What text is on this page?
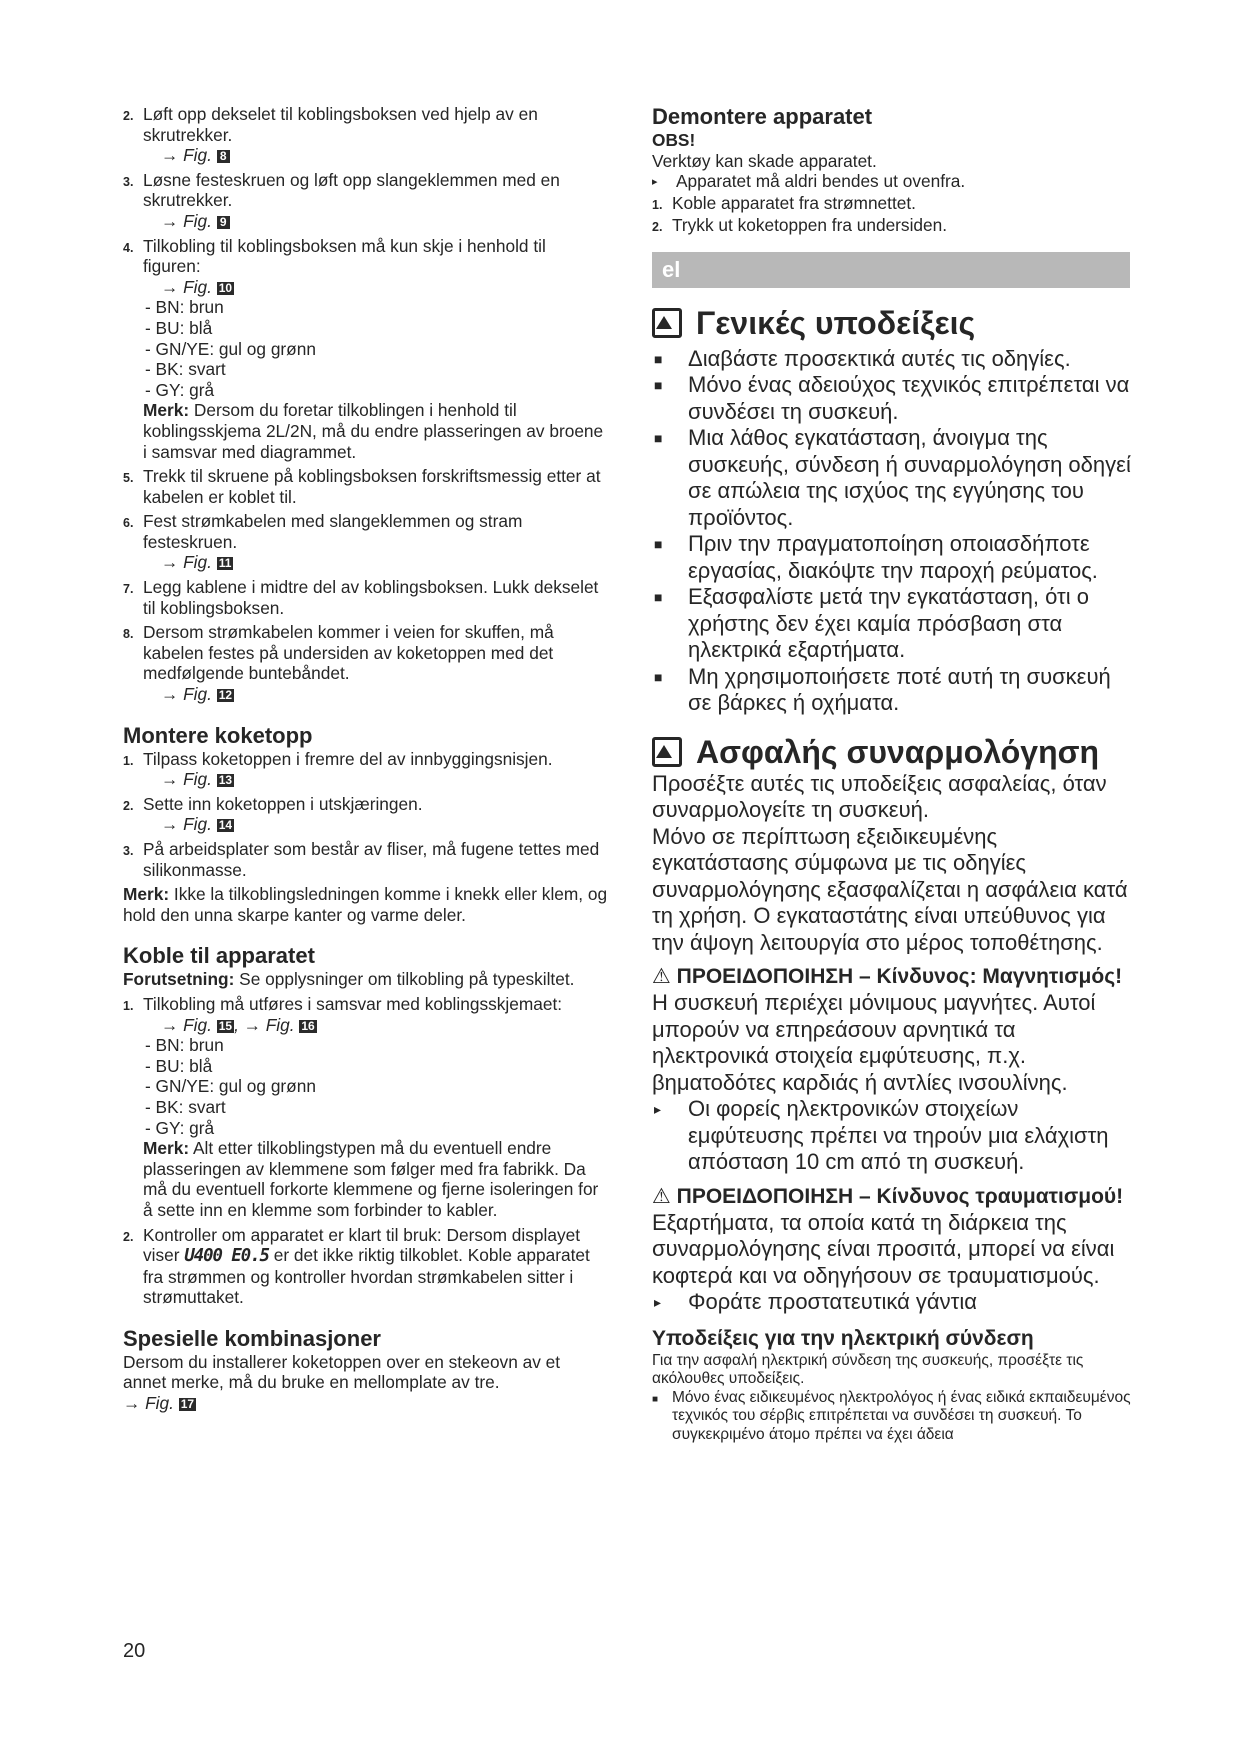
2. Løft opp dekselet til koblingsboksen ved hjelp av en skrutrekker.
→ Fig. 8
3. Løsne festeskruen og løft opp slangeklemmen med en skrutrekker.
→ Fig. 9
4. Tilkobling til koblingsboksen må kun skje i henhold til figuren:
→ Fig. 10
- BN: brun
- BU: blå
- GN/YE: gul og grønn
- BK: svart
- GY: grå
Merk: Dersom du foretar tilkoblingen i henhold til koblingsskjema 2L/2N, må du endre plasseringen av broene i samsvar med diagrammet.
5. Trekk til skruene på koblingsboksen forskriftsmessig etter at kabelen er koblet til.
6. Fest strømkabelen med slangeklemmen og stram festeskruen.
→ Fig. 11
7. Legg kablene i midtre del av koblingsboksen. Lukk dekselet til koblingsboksen.
8. Dersom strømkabelen kommer i veien for skuffen, må kabelen festes på undersiden av koketoppen med det medfølgende buntebåndet.
→ Fig. 12
Montere koketopp
1. Tilpass koketoppen i fremre del av innbyggingsnisjen.
→ Fig. 13
2. Sette inn koketoppen i utskjæringen.
→ Fig. 14
3. På arbeidsplater som består av fliser, må fugene tettes med silikonmasse.
Merk: Ikke la tilkoblingsledningen komme i knekk eller klem, og hold den unna skarpe kanter og varme deler.
Koble til apparatet
Forutsetning: Se opplysninger om tilkobling på typeskiltet.
1. Tilkobling må utføres i samsvar med koblingsskjemaet:
→ Fig. 15 , → Fig. 16
- BN: brun
- BU: blå
- GN/YE: gul og grønn
- BK: svart
- GY: grå
Merk: Alt etter tilkoblingstypen må du eventuell endre plasseringen av klemmene som følger med fra fabrikk. Da må du eventuell forkorte klemmene og fjerne isoleringen for å sette inn en klemme som forbinder to kabler.
2. Kontroller om apparatet er klart til bruk: Dersom displayet viser U400 E0.5 er det ikke riktig tilkoblet. Koble apparatet fra strømmen og kontroller hvordan strømkabelen sitter i strømuttaket.
Spesielle kombinasjoner
Dersom du installerer koketoppen over en stekeovn av et annet merke, må du bruke en mellomplate av tre.
→ Fig. 17
Demontere apparatet
OBS!
Verktøy kan skade apparatet.
▸	Apparatet må aldri bendes ut ovenfra.
1. Koble apparatet fra strømnettet.
2. Trykk ut koketoppen fra undersiden.
el
Γενικές υποδείξεις
■	Διαβάστε προσεκτικά αυτές τις οδηγίες.
■	Μόνο ένας αδειούχος τεχνικός επιτρέπεται να συνδέσει τη συσκευή.
■	Μια λάθος εγκατάσταση, άνοιγμα της συσκευής, σύνδεση ή συναρμολόγηση οδηγεί σε απώλεια της ισχύος της εγγύησης του προϊόντος.
■	Πριν την πραγματοποίηση οποιασδήποτε εργασίας, διακόψτε την παροχή ρεύματος.
■	Εξασφαλίστε μετά την εγκατάσταση, ότι ο χρήστης δεν έχει καμία πρόσβαση στα ηλεκτρικά εξαρτήματα.
■	Μη χρησιμοποιήσετε ποτέ αυτή τη συσκευή σε βάρκες ή οχήματα.
Ασφαλής συναρμολόγηση
Προσέξτε αυτές τις υποδείξεις ασφαλείας, όταν συναρμολογείτε τη συσκευή.
Μόνο σε περίπτωση εξειδικευμένης εγκατάστασης σύμφωνα με τις οδηγίες συναρμολόγησης εξασφαλίζεται η ασφάλεια κατά τη χρήση. Ο εγκαταστάτης είναι υπεύθυνος για την άψογη λειτουργία στο μέρος τοποθέτησης.
⚠ ΠΡΟΕΙΔΟΠΟΙΗΣΗ – Κίνδυνος: Μαγνητισμός!
Η συσκευή περιέχει μόνιμους μαγνήτες. Αυτοί μπορούν να επηρεάσουν αρνητικά τα ηλεκτρονικά στοιχεία εμφύτευσης, π.χ. βηματοδότες καρδιάς ή αντλίες ινσουλίνης.
▸	Οι φορείς ηλεκτρονικών στοιχείων εμφύτευσης πρέπει να τηρούν μια ελάχιστη απόσταση 10 cm από τη συσκευή.
⚠ ΠΡΟΕΙΔΟΠΟΙΗΣΗ – Κίνδυνος τραυματισμού!
Εξαρτήματα, τα οποία κατά τη διάρκεια της συναρμολόγησης είναι προσιτά, μπορεί να είναι κοφτερά και να οδηγήσουν σε τραυματισμούς.
▸	Φοράτε προστατευτικά γάντια
Υποδείξεις για την ηλεκτρική σύνδεση
Για την ασφαλή ηλεκτρική σύνδεση της συσκευής, προσέξτε τις ακόλουθες υποδείξεις.
■ Μόνο ένας ειδικευμένος ηλεκτρολόγος ή ένας ειδικά εκπαιδευμένος τεχνικός του σέρβις επιτρέπεται να συνδέσει τη συσκευή. Το συγκεκριμένο άτομο πρέπει να έχει άδεια
20
